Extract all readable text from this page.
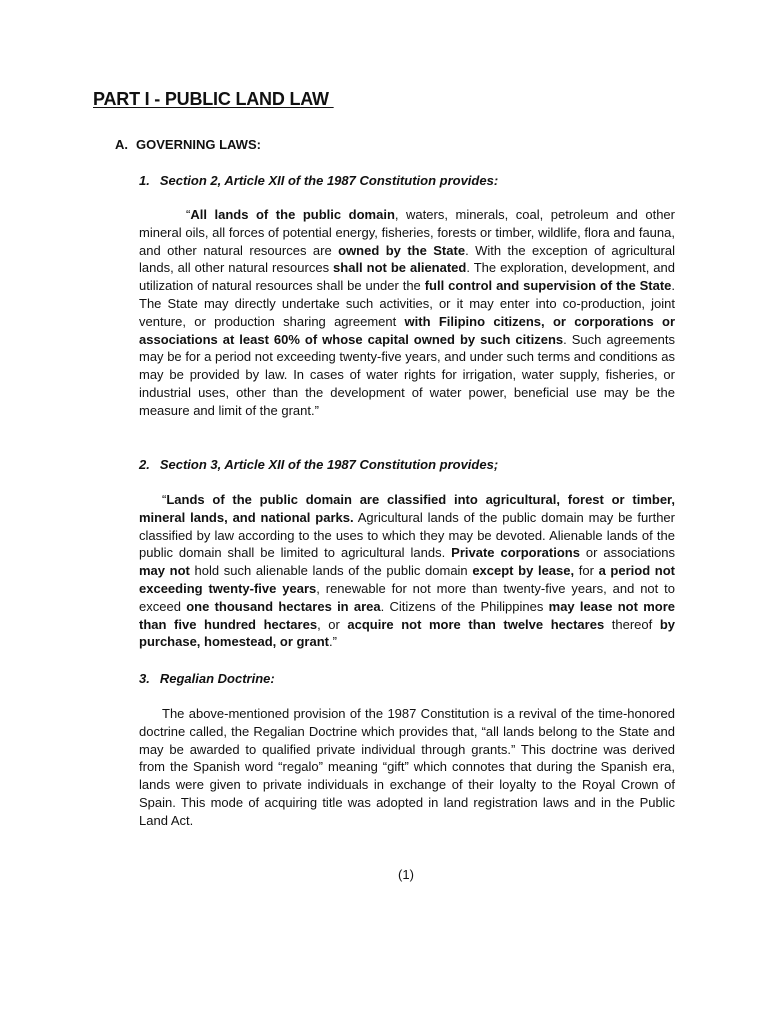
PART I - PUBLIC LAND LAW
A. GOVERNING LAWS:
1. Section 2, Article XII of the 1987 Constitution provides:

“All lands of the public domain, waters, minerals, coal, petroleum and other mineral oils, all forces of potential energy, fisheries, forests or timber, wildlife, flora and fauna, and other natural resources are owned by the State. With the exception of agricultural lands, all other natural resources shall not be alienated. The exploration, development, and utilization of natural resources shall be under the full control and supervision of the State. The State may directly undertake such activities, or it may enter into co-production, joint venture, or production sharing agreement with Filipino citizens, or corporations or associations at least 60% of whose capital owned by such citizens. Such agreements may be for a period not exceeding twenty-five years, and under such terms and conditions as may be provided by law. In cases of water rights for irrigation, water supply, fisheries, or industrial uses, other than the development of water power, beneficial use may be the measure and limit of the grant.”

2. Section 3, Article XII of the 1987 Constitution provides;

“Lands of the public domain are classified into agricultural, forest or timber, mineral lands, and national parks. Agricultural lands of the public domain may be further classified by law according to the uses to which they may be devoted. Alienable lands of the public domain shall be limited to agricultural lands. Private corporations or associations may not hold such alienable lands of the public domain except by lease, for a period not exceeding twenty-five years, renewable for not more than twenty-five years, and not to exceed one thousand hectares in area. Citizens of the Philippines may lease not more than five hundred hectares, or acquire not more than twelve hectares thereof by purchase, homestead, or grant.”

3. Regalian Doctrine:

The above-mentioned provision of the 1987 Constitution is a revival of the time-honored doctrine called, the Regalian Doctrine which provides that, “all lands belong to the State and may be awarded to qualified private individual through grants.” This doctrine was derived from the Spanish word “regalo” meaning “gift” which connotes that during the Spanish era, lands were given to private individuals in exchange of their loyalty to the Royal Crown of Spain. This mode of acquiring title was adopted in land registration laws and in the Public Land Act.

(1)
